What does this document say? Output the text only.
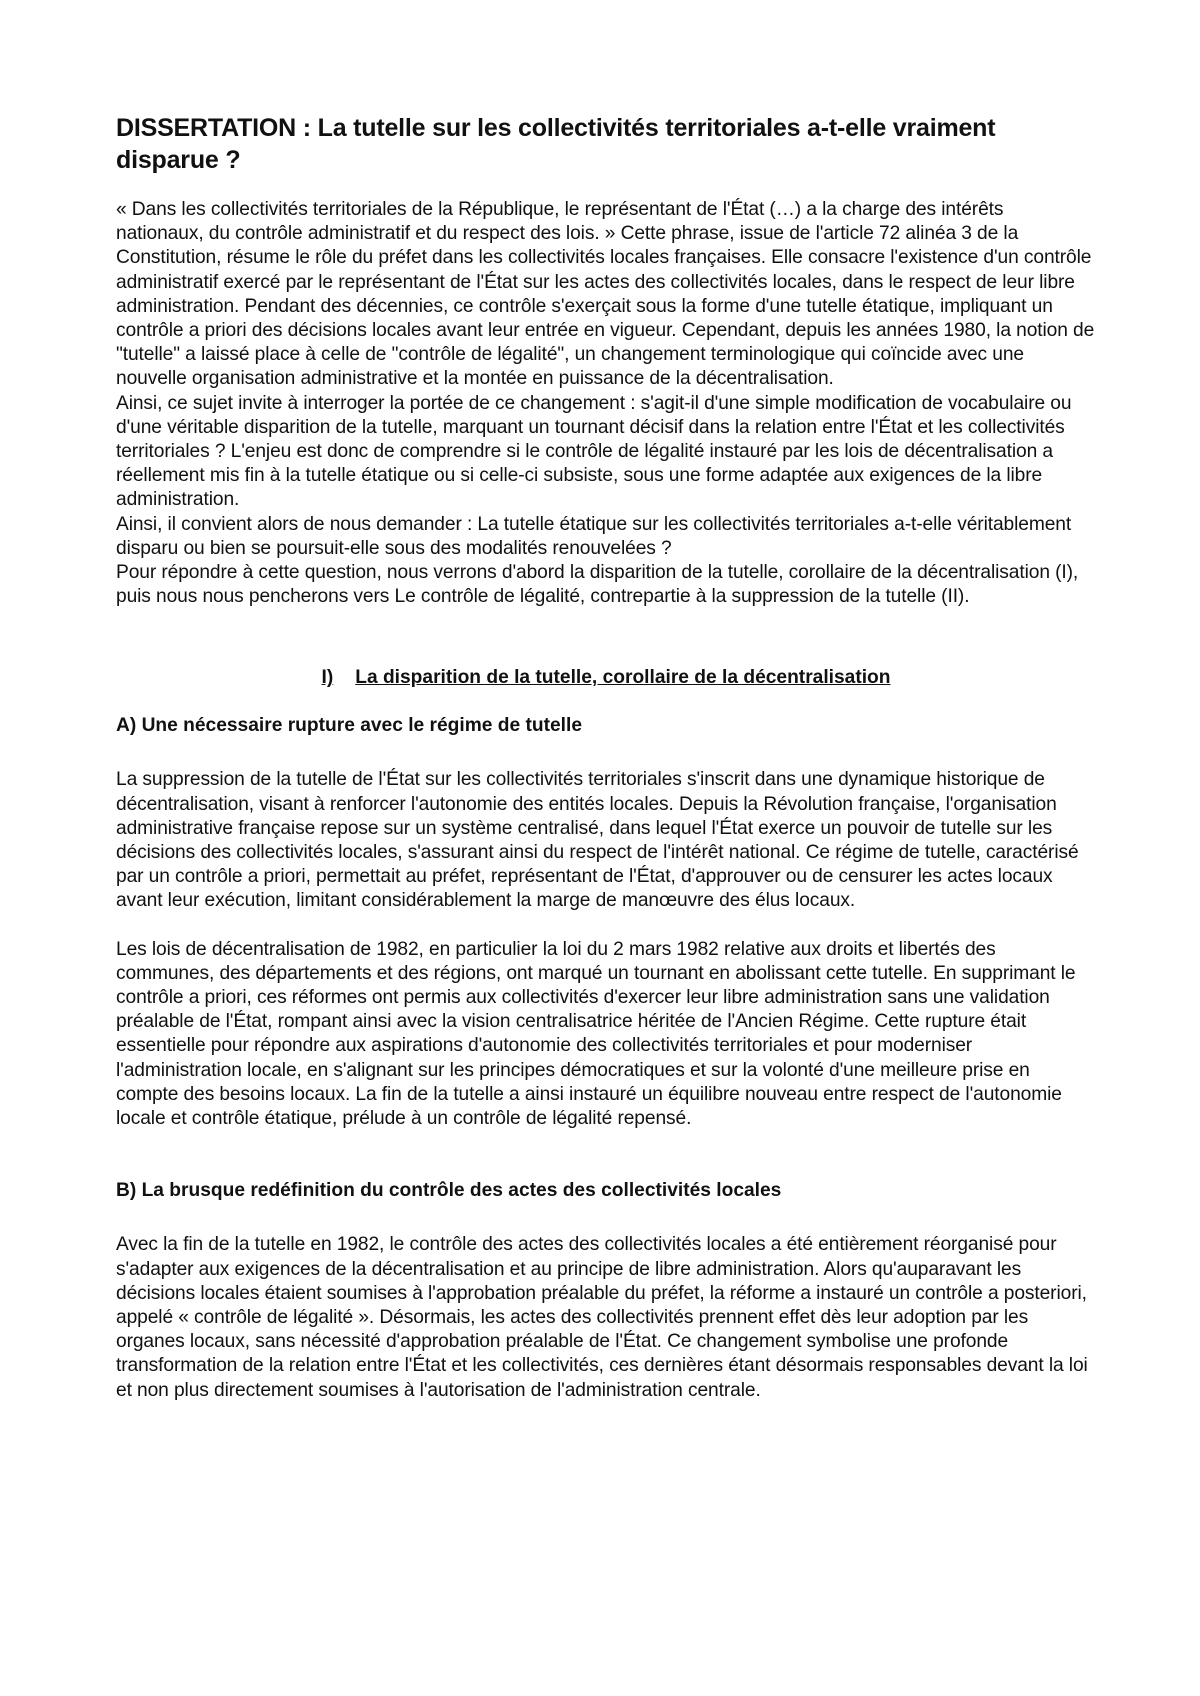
DISSERTATION : La tutelle sur les collectivités territoriales a-t-elle vraiment disparue ?

« Dans les collectivités territoriales de la République, le représentant de l'État (…) a la charge des intérêts nationaux, du contrôle administratif et du respect des lois. » Cette phrase, issue de l'article 72 alinéa 3 de la Constitution, résume le rôle du préfet dans les collectivités locales françaises. Elle consacre l'existence d'un contrôle administratif exercé par le représentant de l'État sur les actes des collectivités locales, dans le respect de leur libre administration. Pendant des décennies, ce contrôle s'exerçait sous la forme d'une tutelle étatique, impliquant un contrôle a priori des décisions locales avant leur entrée en vigueur. Cependant, depuis les années 1980, la notion de "tutelle" a laissé place à celle de "contrôle de légalité", un changement terminologique qui coïncide avec une nouvelle organisation administrative et la montée en puissance de la décentralisation.

Ainsi, ce sujet invite à interroger la portée de ce changement : s'agit-il d'une simple modification de vocabulaire ou d'une véritable disparition de la tutelle, marquant un tournant décisif dans la relation entre l'État et les collectivités territoriales ? L'enjeu est donc de comprendre si le contrôle de légalité instauré par les lois de décentralisation a réellement mis fin à la tutelle étatique ou si celle-ci subsiste, sous une forme adaptée aux exigences de la libre administration.

Ainsi, il convient alors de nous demander : La tutelle étatique sur les collectivités territoriales a-t-elle véritablement disparu ou bien se poursuit-elle sous des modalités renouvelées ?

Pour répondre à cette question, nous verrons d'abord la disparition de la tutelle, corollaire de la décentralisation (I), puis nous nous pencherons vers Le contrôle de légalité, contrepartie à la suppression de la tutelle (II).

I) La disparition de la tutelle, corollaire de la décentralisation
A) Une nécessaire rupture avec le régime de tutelle

La suppression de la tutelle de l'État sur les collectivités territoriales s'inscrit dans une dynamique historique de décentralisation, visant à renforcer l'autonomie des entités locales. Depuis la Révolution française, l'organisation administrative française repose sur un système centralisé, dans lequel l'État exerce un pouvoir de tutelle sur les décisions des collectivités locales, s'assurant ainsi du respect de l'intérêt national. Ce régime de tutelle, caractérisé par un contrôle a priori, permettait au préfet, représentant de l'État, d'approuver ou de censurer les actes locaux avant leur exécution, limitant considérablement la marge de manœuvre des élus locaux.

Les lois de décentralisation de 1982, en particulier la loi du 2 mars 1982 relative aux droits et libertés des communes, des départements et des régions, ont marqué un tournant en abolissant cette tutelle. En supprimant le contrôle a priori, ces réformes ont permis aux collectivités d'exercer leur libre administration sans une validation préalable de l'État, rompant ainsi avec la vision centralisatrice héritée de l'Ancien Régime. Cette rupture était essentielle pour répondre aux aspirations d'autonomie des collectivités territoriales et pour moderniser l'administration locale, en s'alignant sur les principes démocratiques et sur la volonté d'une meilleure prise en compte des besoins locaux. La fin de la tutelle a ainsi instauré un équilibre nouveau entre respect de l'autonomie locale et contrôle étatique, prélude à un contrôle de légalité repensé.

B) La brusque redéfinition du contrôle des actes des collectivités locales

Avec la fin de la tutelle en 1982, le contrôle des actes des collectivités locales a été entièrement réorganisé pour s'adapter aux exigences de la décentralisation et au principe de libre administration. Alors qu'auparavant les décisions locales étaient soumises à l'approbation préalable du préfet, la réforme a instauré un contrôle a posteriori, appelé « contrôle de légalité ». Désormais, les actes des collectivités prennent effet dès leur adoption par les organes locaux, sans nécessité d'approbation préalable de l'État. Ce changement symbolise une profonde transformation de la relation entre l'État et les collectivités, ces dernières étant désormais responsables devant la loi et non plus directement soumises à l'autorisation de l'administration centrale.
